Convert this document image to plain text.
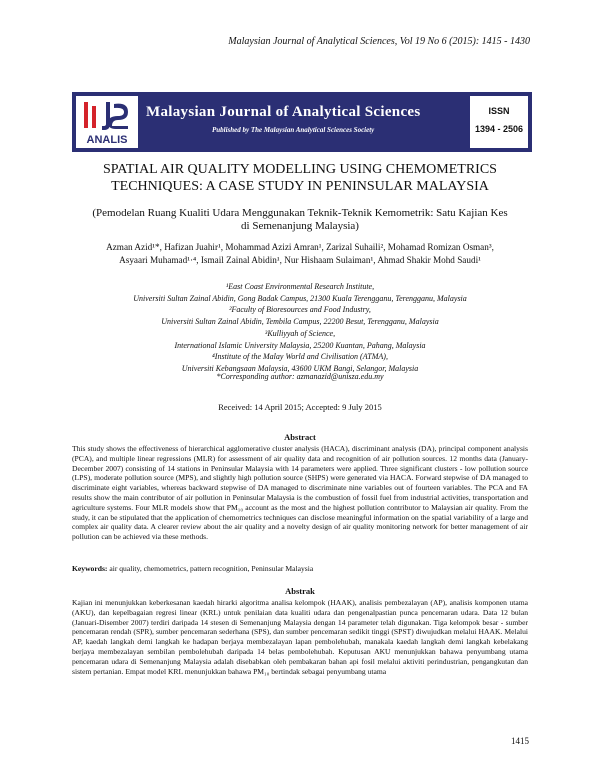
Malaysian Journal of Analytical Sciences, Vol 19 No 6 (2015): 1415 - 1430
ANALIS
Malaysian Journal of Analytical Sciences
Published by The Malaysian Analytical Sciences Society
ISSN
1394 - 2506
SPATIAL AIR QUALITY MODELLING USING CHEMOMETRICS
TECHNIQUES: A CASE STUDY IN PENINSULAR MALAYSIA
(Pemodelan Ruang Kualiti Udara Menggunakan Teknik-Teknik Kemometrik: Satu Kajian Kes
di Semenanjung Malaysia)
Azman Azid¹*, Hafizan Juahir¹, Mohammad Azizi Amran¹, Zarizal Suhaili², Mohamad Romizan Osman³,
Asyaari Muhamad¹·⁴, Ismail Zainal Abidin¹, Nur Hishaam Sulaiman¹, Ahmad Shakir Mohd Saudi¹
¹East Coast Environmental Research Institute,
Universiti Sultan Zainal Abidin, Gong Badak Campus, 21300 Kuala Terengganu, Terengganu, Malaysia
²Faculty of Bioresources and Food Industry,
Universiti Sultan Zainal Abidin, Tembila Campus, 22200 Besut, Terengganu, Malaysia
³Kulliyyah of Science,
International Islamic University Malaysia, 25200 Kuantan, Pahang, Malaysia
⁴Institute of the Malay World and Civilisation (ATMA),
Universiti Kebangsaan Malaysia, 43600 UKM Bangi, Selangor, Malaysia
*Corresponding author: azmanazid@unisza.edu.my
Received: 14 April 2015; Accepted: 9 July 2015
Abstract
This study shows the effectiveness of hierarchical agglomerative cluster analysis (HACA), discriminant analysis (DA), principal component analysis (PCA), and multiple linear regressions (MLR) for assessment of air quality data and recognition of air pollution sources. 12 months data (January-December 2007) consisting of 14 stations in Peninsular Malaysia with 14 parameters were applied. Three significant clusters - low pollution source (LPS), moderate pollution source (MPS), and slightly high pollution source (SHPS) were generated via HACA. Forward stepwise of DA managed to discriminate eight variables, whereas backward stepwise of DA managed to discriminate nine variables out of fourteen variables. The PCA and FA results show the main contributor of air pollution in Peninsular Malaysia is the combustion of fossil fuel from industrial activities, transportation and agriculture systems. Four MLR models show that PM₁₀ account as the most and the highest pollution contributor to Malaysian air quality. From the study, it can be stipulated that the application of chemometrics techniques can disclose meaningful information on the spatial variability of a large and complex air quality data. A clearer review about the air quality and a novelty design of air quality monitoring network for better management of air pollution can be achieved via these methods.
Keywords: air quality, chemometrics, pattern recognition, Peninsular Malaysia
Abstrak
Kajian ini menunjukkan keberkesanan kaedah hirarki algoritma analisa kelompok (HAAK), analisis pembezalayan (AP), analisis komponen utama (AKU), dan kepelbagaian regresi linear (KRL) untuk penilaian data kualiti udara dan pengenalpastian punca pencemaran udara. Data 12 bulan (Januari-Disember 2007) terdiri daripada 14 stesen di Semenanjung Malaysia dengan 14 parameter telah digunakan. Tiga kelompok besar - sumber pencemaran rendah (SPR), sumber pencemaran sederhana (SPS), dan sumber pencemaran sedikit tinggi (SPST) diwujudkan melalui HAAK. Melalui AP, kaedah langkah demi langkah ke hadapan berjaya membezalayan lapan pembolehubah, manakala kaedah langkah demi langkah kebelakang berjaya membezalayan sembilan pembolehubah daripada 14 belas pembolehubah. Keputusan AKU menunjukkan bahawa penyumbang utama pencemaran udara di Semenanjung Malaysia adalah disebabkan oleh pembakaran bahan api fosil melalui aktiviti perindustrian, pengangkutan dan sistem pertanian. Empat model KRL menunjukkan bahawa PM₁₀ bertindak sebagai penyumbang utama
1415
